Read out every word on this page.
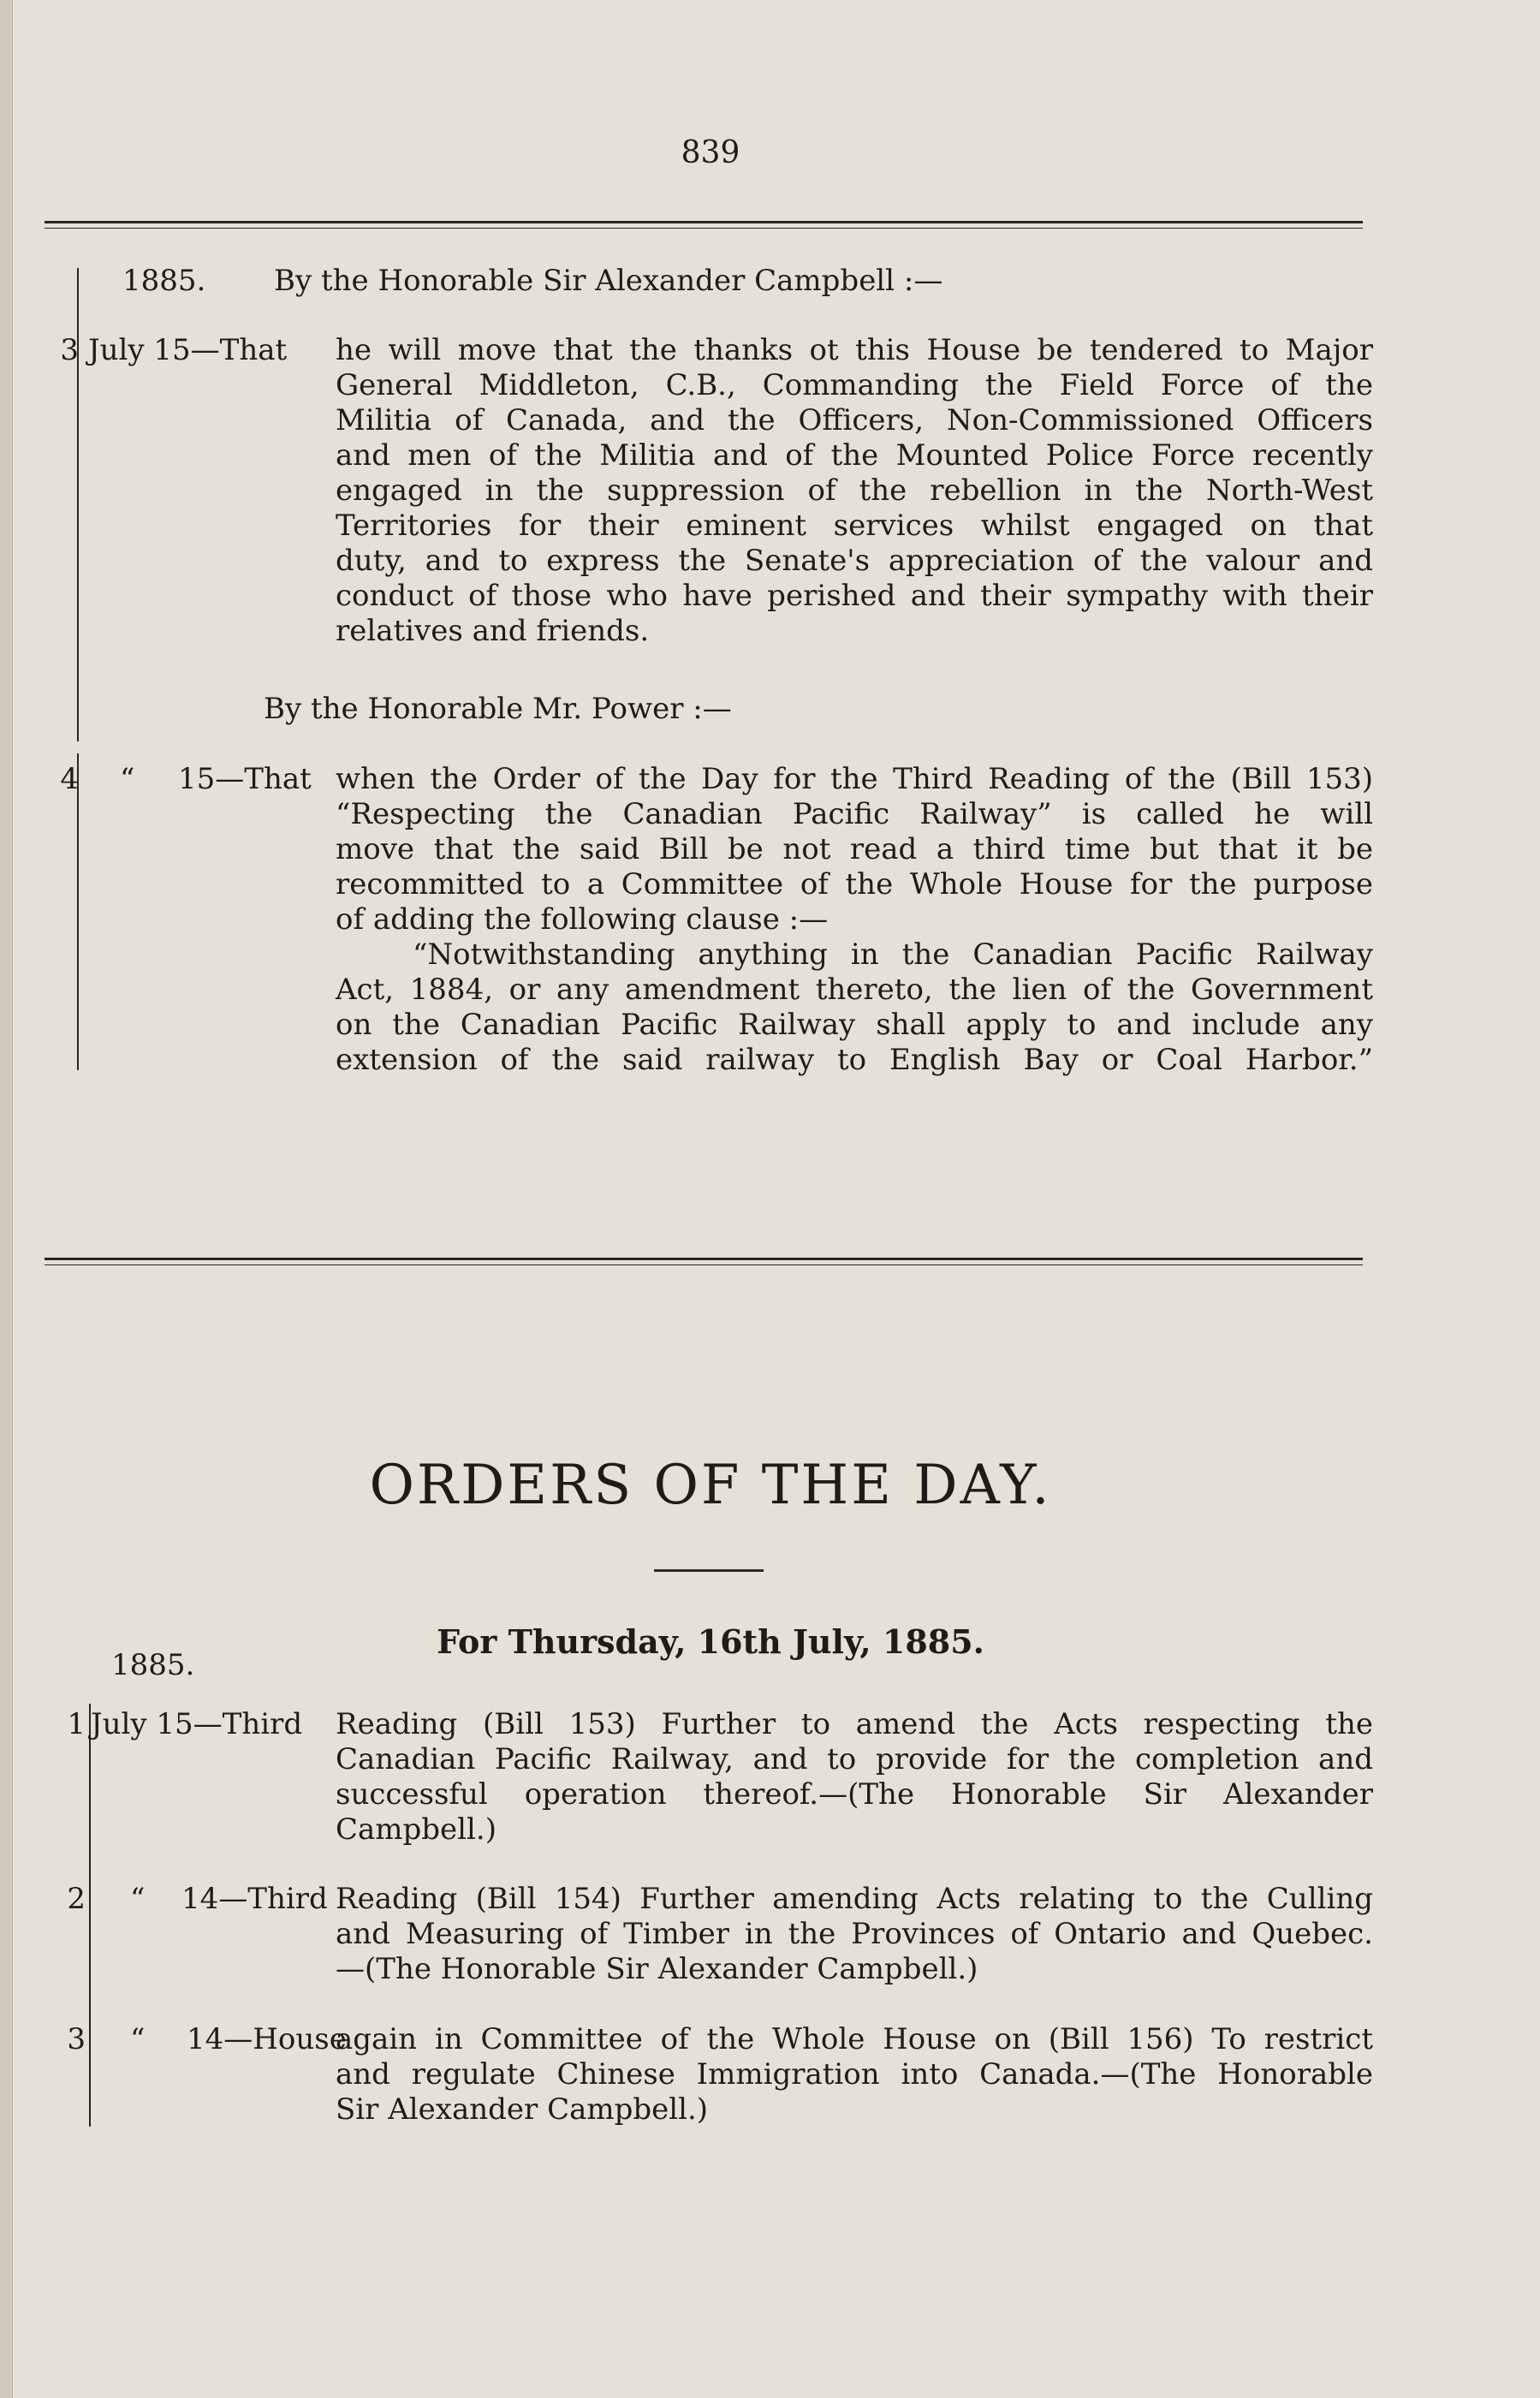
839
1885. By the Honorable Sir Alexander Campbell :—
3 July 15—That he will move that the thanks ot this House be tendered to Major
General Middleton, C.B., Commanding the Field Force of the
Militia of Canada, and the Officers, Non-Commissioned Officers
and men of the Militia and of the Mounted Police Force recently
engaged in the suppression of the rebellion in the North-West
Territories for their eminent services whilst engaged on that
duty, and to express the Senate's appreciation of the valour and
conduct of those who have perished and their sympathy with their
relatives and friends.
By the Honorable Mr. Power :—
4 “ 15—That when the Order of the Day for the Third Reading of the (Bill 153)
“Respecting the Canadian Pacific Railway” is called he will
move that the said Bill be not read a third time but that it be
recommitted to a Committee of the Whole House for the purpose
of adding the following clause :—
“Notwithstanding anything in the Canadian Pacific Railway
Act, 1884, or any amendment thereto, the lien of the Government
on the Canadian Pacific Railway shall apply to and include any
extension of the said railway to English Bay or Coal Harbor.”
ORDERS OF THE DAY.
For Thursday, 16th July, 1885.
1885.
1 July 15—Third Reading (Bill 153) Further to amend the Acts respecting the
Canadian Pacific Railway, and to provide for the completion and
successful operation thereof.—(The Honorable Sir Alexander
Campbell.)
2 “ 14—Third Reading (Bill 154) Further amending Acts relating to the Culling
and Measuring of Timber in the Provinces of Ontario and Quebec.
—(The Honorable Sir Alexander Campbell.)
3 “ 14—House
again in Committee of the Whole House on (Bill 156) To restrict
and regulate Chinese Immigration into Canada.—(The Honorable
Sir Alexander Campbell.)
